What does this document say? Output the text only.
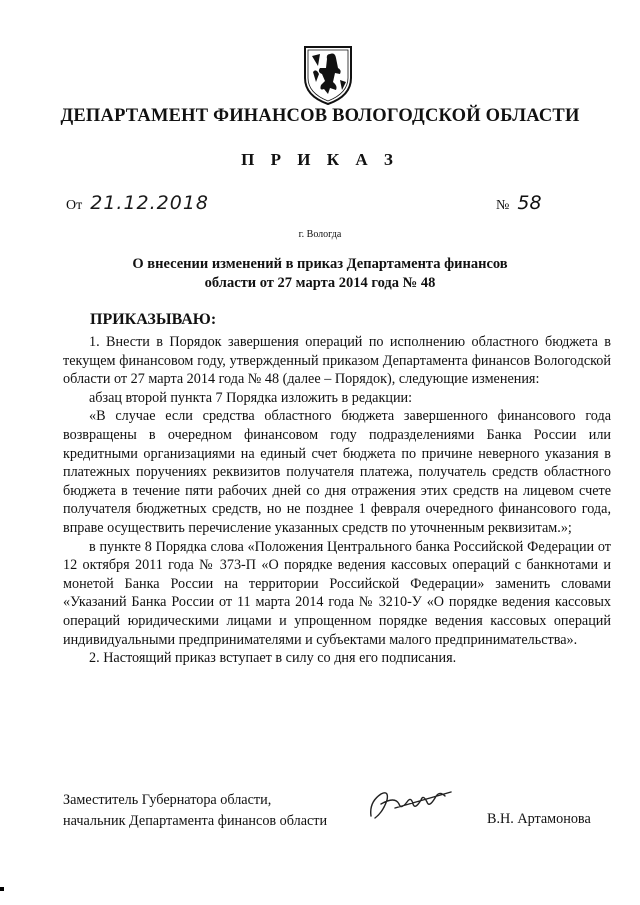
ДЕПАРТАМЕНТ ФИНАНСОВ ВОЛОГОДСКОЙ ОБЛАСТИ
П Р И К А З
От 21.12.2018	№ 58
г. Вологда
О внесении изменений в приказ Департамента финансов
области от 27 марта 2014 года № 48
ПРИКАЗЫВАЮ:

1. Внести в Порядок завершения операций по исполнению областного бюджета в текущем финансовом году, утвержденный приказом Департамента финансов Вологодской области от 27 марта 2014 года № 48 (далее – Порядок), следующие изменения:

абзац второй пункта 7 Порядка изложить в редакции:

«В случае если средства областного бюджета завершенного финансового года возвращены в очередном финансовом году подразделениями Банка России или кредитными организациями на единый счет бюджета по причине неверного указания в платежных поручениях реквизитов получателя платежа, получатель средств областного бюджета в течение пяти рабочих дней со дня отражения этих средств на лицевом счете получателя бюджетных средств, но не позднее 1 февраля очередного финансового года, вправе осуществить перечисление указанных средств по уточненным реквизитам.»;

в пункте 8 Порядка слова «Положения Центрального банка Российской Федерации от 12 октября 2011 года № 373-П «О порядке ведения кассовых операций с банкнотами и монетой Банка России на территории Российской Федерации» заменить словами «Указаний Банка России от 11 марта 2014 года № 3210-У «О порядке ведения кассовых операций юридическими лицами и упрощенном порядке ведения кассовых операций индивидуальными предпринимателями и субъектами малого предпринимательства».

2. Настоящий приказ вступает в силу со дня его подписания.

Заместитель Губернатора области,
начальник Департамента финансов области	В.Н. Артамонова
